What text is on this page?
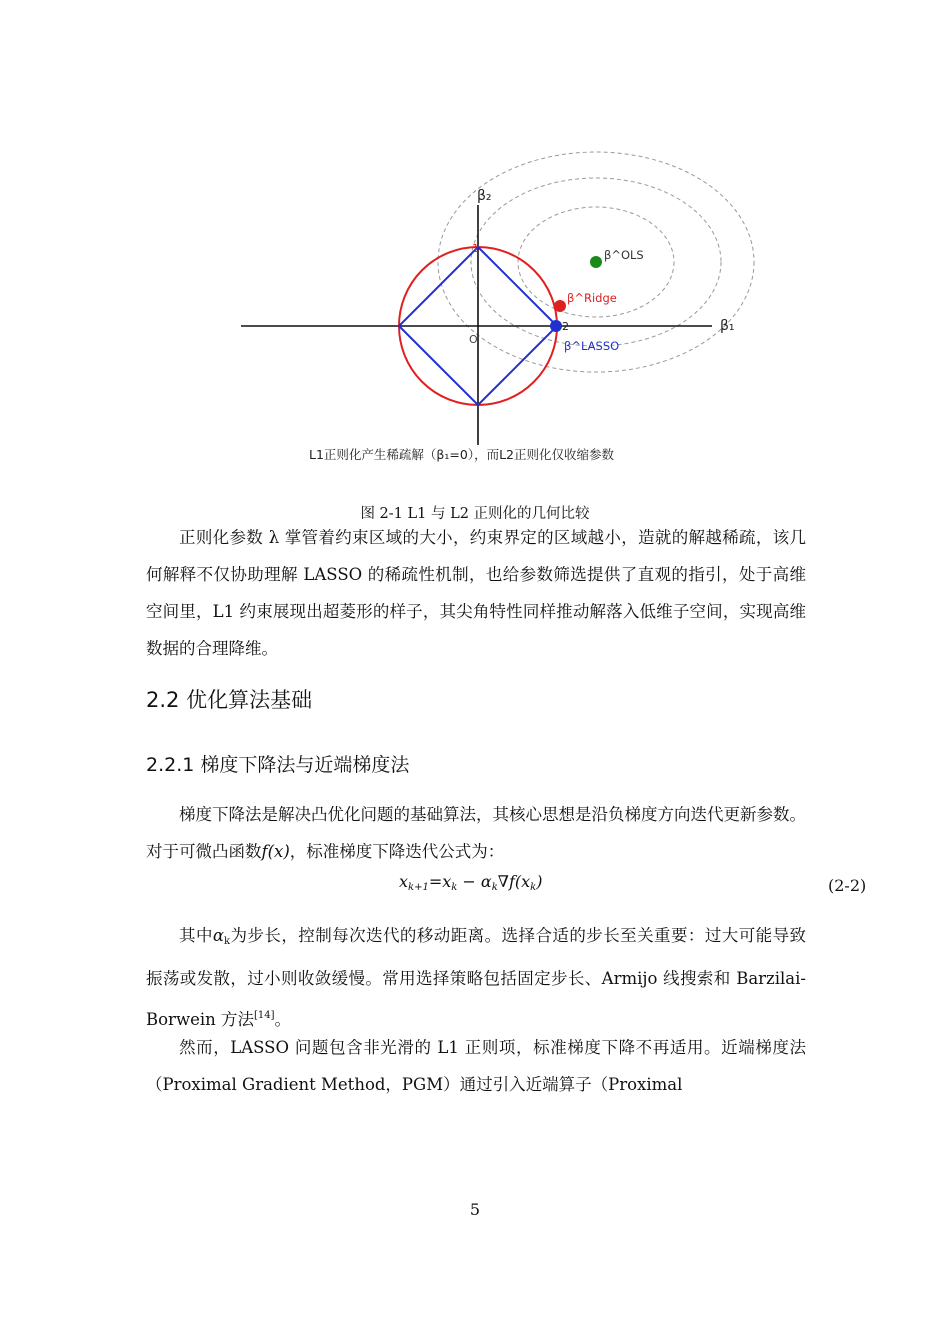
β₂
β₁
O
1
2
β^OLS
β^Ridge
β^LASSO
L1正则化产生稀疏解（β₁=0），而L2正则化仅收缩参数
图 2-1 L1 与 L2 正则化的几何比较
正则化参数 λ 掌管着约束区域的大小，约束界定的区域越小，造就的解越稀疏，该几何解释不仅协助理解 LASSO 的稀疏性机制，也给参数筛选提供了直观的指引，处于高维空间里，L1 约束展现出超菱形的样子，其尖角特性同样推动解落入低维子空间，实现高维数据的合理降维。
2.2 优化算法基础
2.2.1 梯度下降法与近端梯度法
梯度下降法是解决凸优化问题的基础算法，其核心思想是沿负梯度方向迭代更新参数。对于可微凸函数f(x)，标准梯度下降迭代公式为：
$x_{k+1}=x_k - \alpha_k\nabla f(x_k)$	(2-2)
其中$\alpha_k$为步长，控制每次迭代的移动距离。选择合适的步长至关重要：过大可能导致振荡或发散，过小则收敛缓慢。常用选择策略包括固定步长、Armijo 线搜索和 Barzilai-Borwein 方法[14]。
然而，LASSO 问题包含非光滑的 L1 正则项，标准梯度下降不再适用。近端梯度法（Proximal Gradient Method，PGM）通过引入近端算子（Proximal
5
